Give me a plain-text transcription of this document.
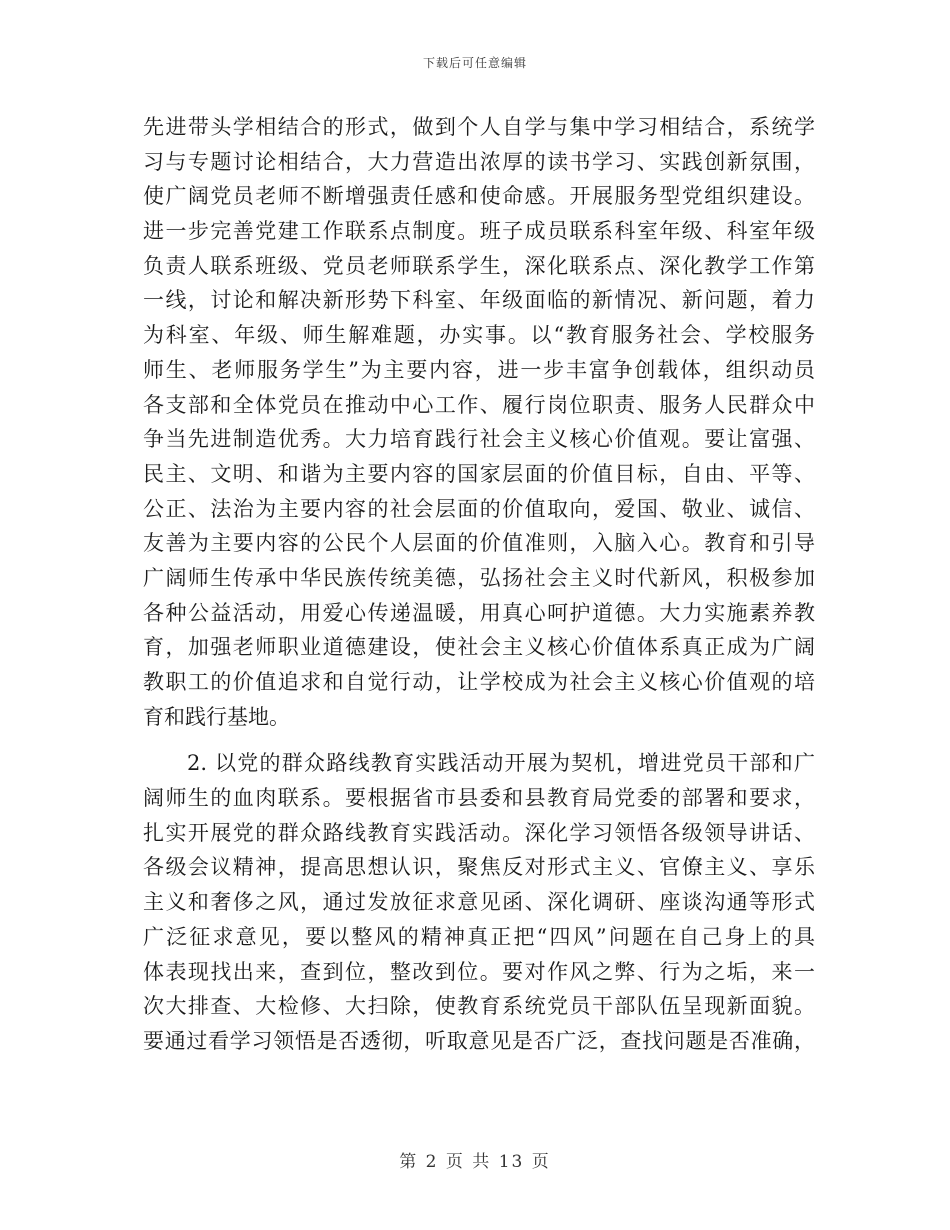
下载后可任意编辑
先进带头学相结合的形式，做到个人自学与集中学习相结合，系统学
习与专题讨论相结合，大力营造出浓厚的读书学习、实践创新氛围，
使广阔党员老师不断增强责任感和使命感。开展服务型党组织建设。
进一步完善党建工作联系点制度。班子成员联系科室年级、科室年级
负责人联系班级、党员老师联系学生，深化联系点、深化教学工作第
一线，讨论和解决新形势下科室、年级面临的新情况、新问题，着力
为科室、年级、师生解难题，办实事。以“教育服务社会、学校服务
师生、老师服务学生”为主要内容，进一步丰富争创载体，组织动员
各支部和全体党员在推动中心工作、履行岗位职责、服务人民群众中
争当先进制造优秀。大力培育践行社会主义核心价值观。要让富强、
民主、文明、和谐为主要内容的国家层面的价值目标，自由、平等、
公正、法治为主要内容的社会层面的价值取向，爱国、敬业、诚信、
友善为主要内容的公民个人层面的价值准则，入脑入心。教育和引导
广阔师生传承中华民族传统美德，弘扬社会主义时代新风，积极参加
各种公益活动，用爱心传递温暖，用真心呵护道德。大力实施素养教
育，加强老师职业道德建设，使社会主义核心价值体系真正成为广阔
教职工的价值追求和自觉行动，让学校成为社会主义核心价值观的培
育和践行基地。
2. 以党的群众路线教育实践活动开展为契机，增进党员干部和广
阔师生的血肉联系。要根据省市县委和县教育局党委的部署和要求，
扎实开展党的群众路线教育实践活动。深化学习领悟各级领导讲话、
各级会议精神，提高思想认识，聚焦反对形式主义、官僚主义、享乐
主义和奢侈之风，通过发放征求意见函、深化调研、座谈沟通等形式
广泛征求意见，要以整风的精神真正把“四风”问题在自己身上的具
体表现找出来，查到位，整改到位。要对作风之弊、行为之垢，来一
次大排查、大检修、大扫除，使教育系统党员干部队伍呈现新面貌。
要通过看学习领悟是否透彻，听取意见是否广泛，查找问题是否准确，
第 2 页 共 13 页
